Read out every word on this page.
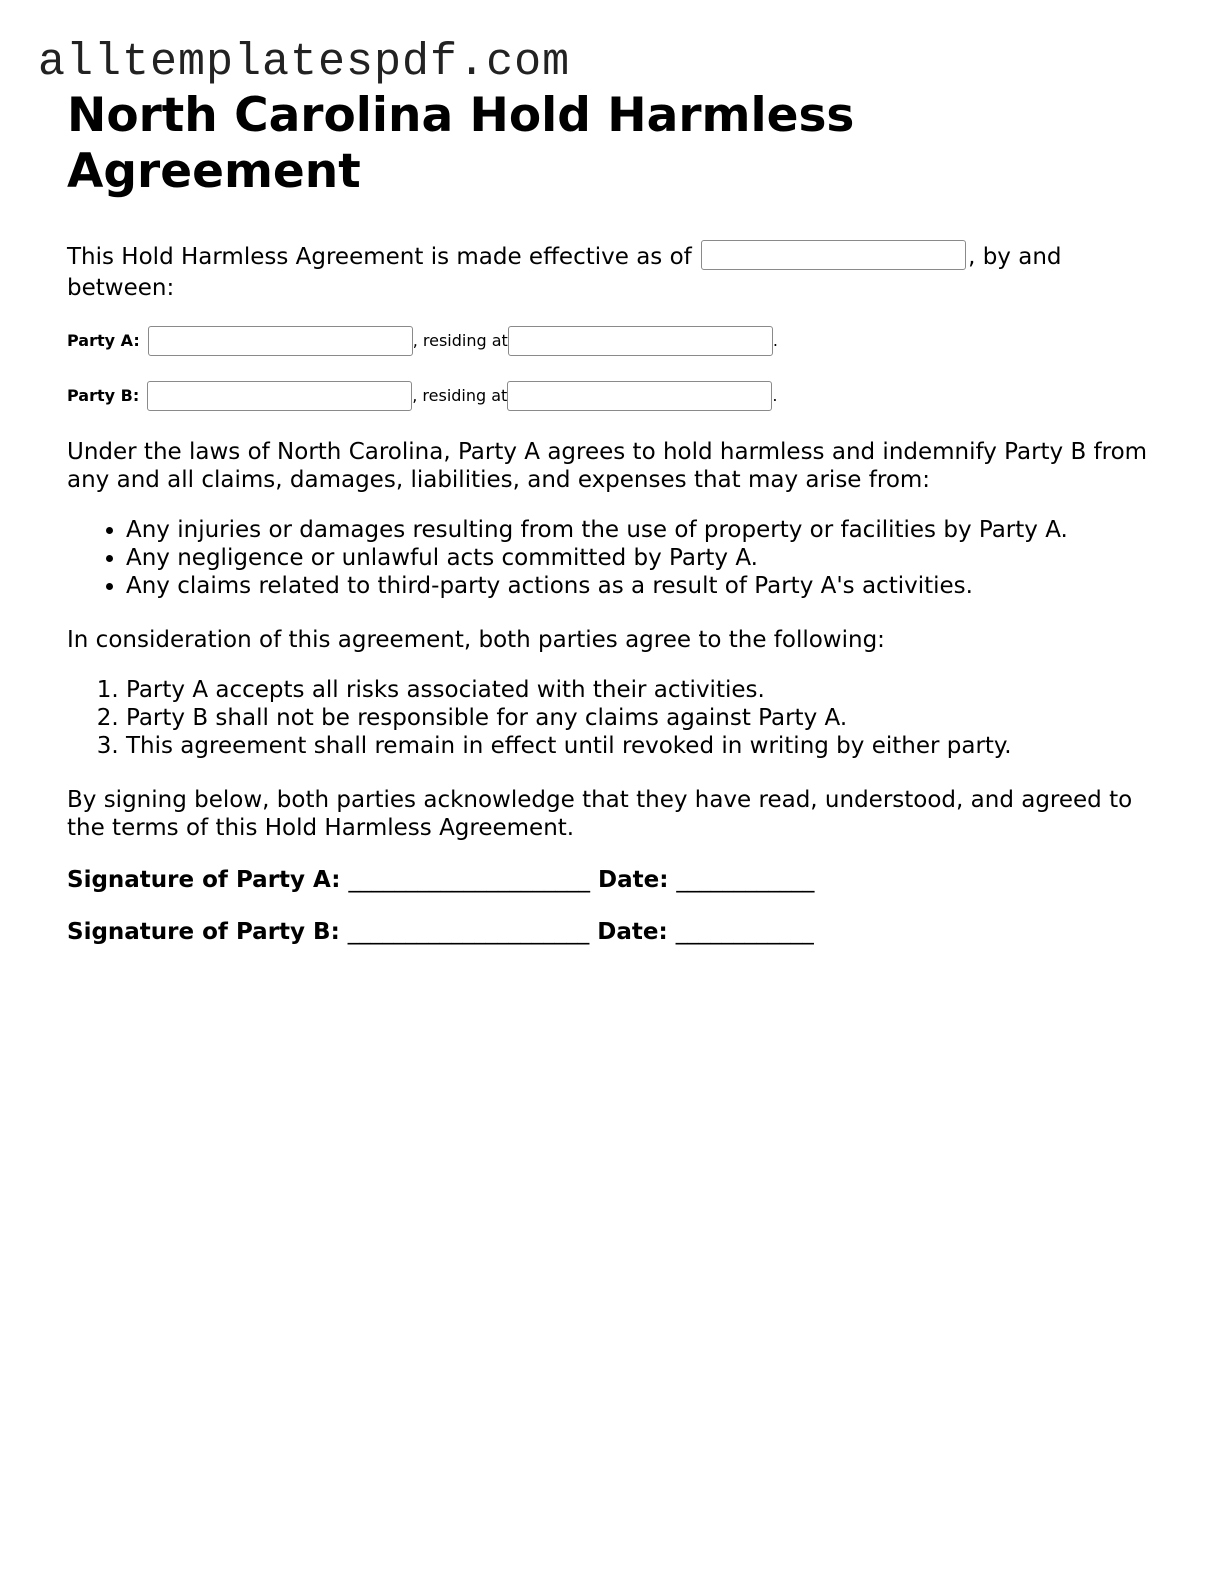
alltemplatespdf.com
North Carolina Hold Harmless Agreement

This Hold Harmless Agreement is made effective as of	, by and between:

Party A:	, residing at	.
Party B:	, residing at	.

Under the laws of North Carolina, Party A agrees to hold harmless and indemnify Party B from any and all claims, damages, liabilities, and expenses that may arise from:

• Any injuries or damages resulting from the use of property or facilities by Party A.
• Any negligence or unlawful acts committed by Party A.
• Any claims related to third-party actions as a result of Party A's activities.

In consideration of this agreement, both parties agree to the following:

1. Party A accepts all risks associated with their activities.
2. Party B shall not be responsible for any claims against Party A.
3. This agreement shall remain in effect until revoked in writing by either party.

By signing below, both parties acknowledge that they have read, understood, and agreed to the terms of this Hold Harmless Agreement.

Signature of Party A: _____________________ Date: ____________

Signature of Party B: _____________________ Date: ____________
